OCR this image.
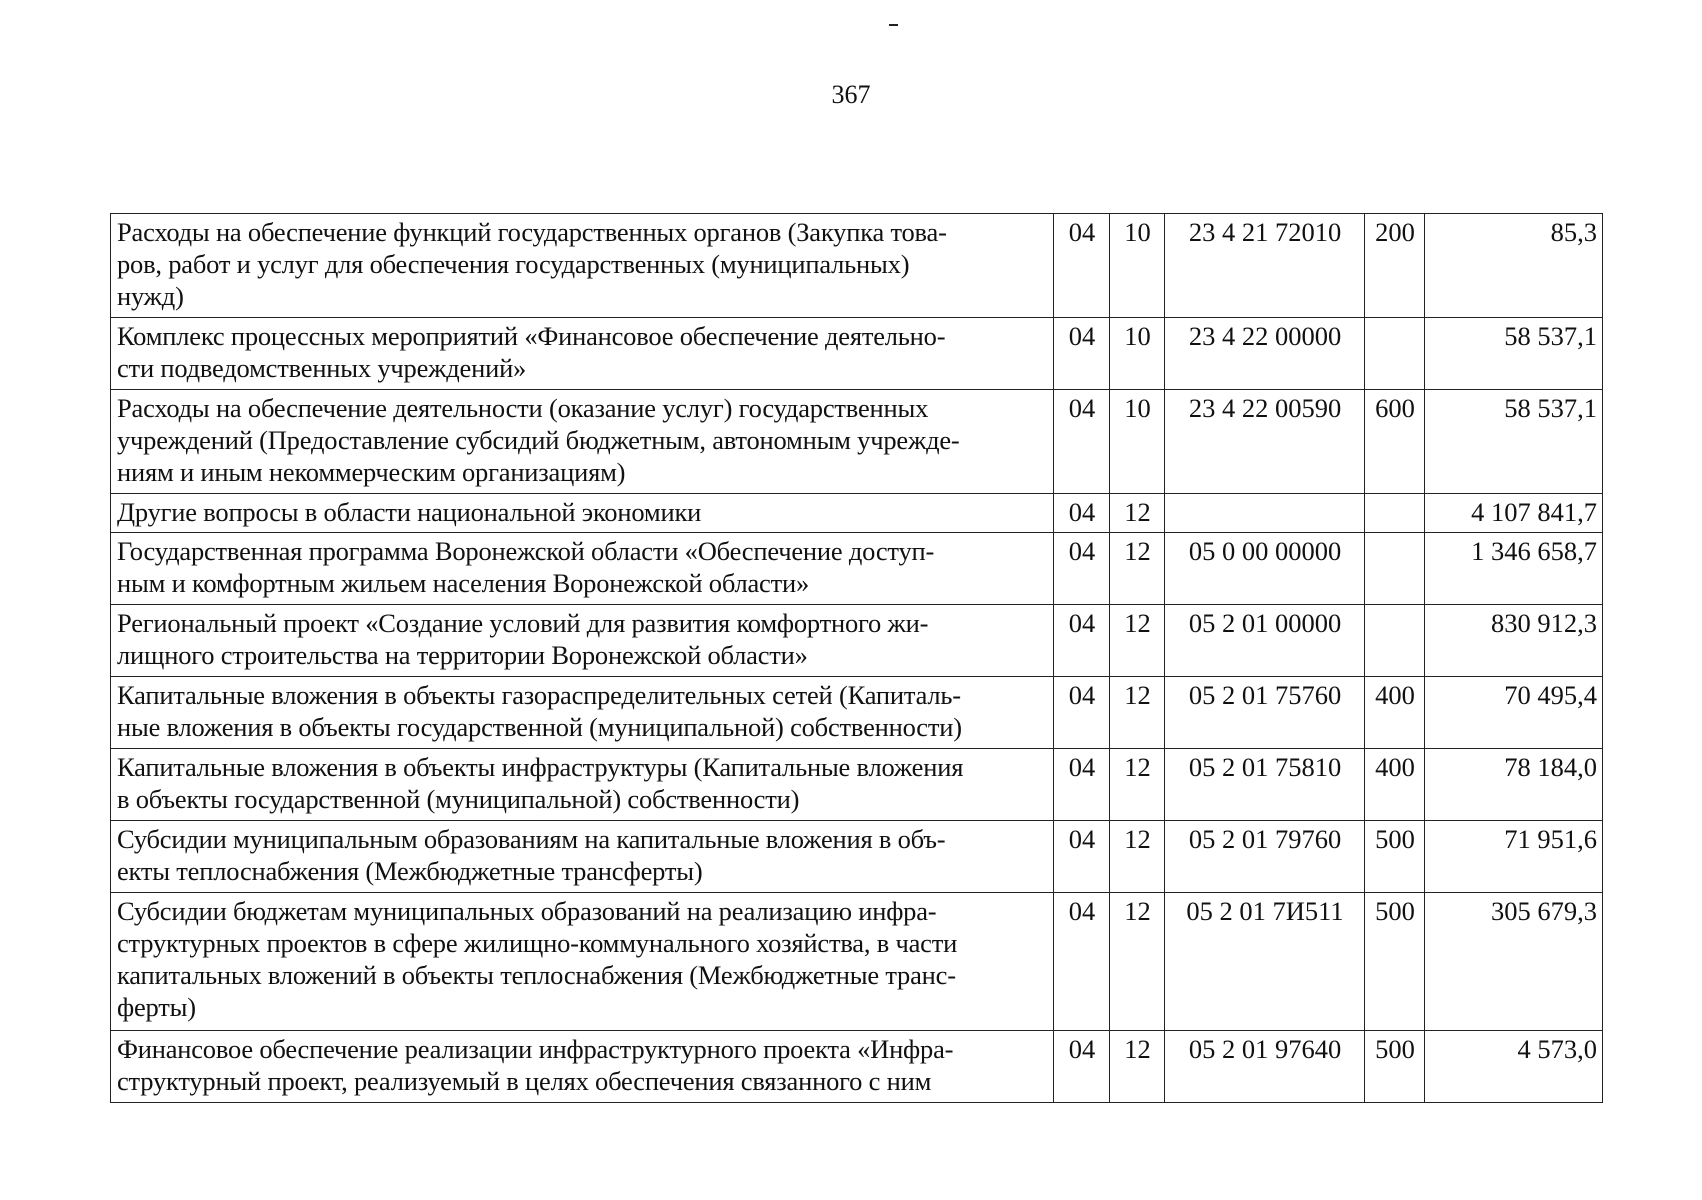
367
Расходы на обеспечение функций государственных органов (Закупка това-
ров, работ и услуг для обеспечения государственных (муниципальных)
нужд)	04	10	23 4 21 72010	200	85,3
Комплекс процессных мероприятий «Финансовое обеспечение деятельно-
сти подведомственных учреждений»	04	10	23 4 22 00000		58 537,1
Расходы на обеспечение деятельности (оказание услуг) государственных
учреждений (Предоставление субсидий бюджетным, автономным учрежде-
ниям и иным некоммерческим организациям)	04	10	23 4 22 00590	600	58 537,1
Другие вопросы в области национальной экономики	04	12			4 107 841,7
Государственная программа Воронежской области «Обеспечение доступ-
ным и комфортным жильем населения Воронежской области»	04	12	05 0 00 00000		1 346 658,7
Региональный проект «Создание условий для развития комфортного жи-
лищного строительства на территории Воронежской области»	04	12	05 2 01 00000		830 912,3
Капитальные вложения в объекты газораспределительных сетей (Капиталь-
ные вложения в объекты государственной (муниципальной) собственности)	04	12	05 2 01 75760	400	70 495,4
Капитальные вложения в объекты инфраструктуры (Капитальные вложения
в объекты государственной (муниципальной) собственности)	04	12	05 2 01 75810	400	78 184,0
Субсидии муниципальным образованиям на капитальные вложения в объ-
екты теплоснабжения (Межбюджетные трансферты)	04	12	05 2 01 79760	500	71 951,6
Субсидии бюджетам муниципальных образований на реализацию инфра-
структурных проектов в сфере жилищно-коммунального хозяйства, в части
капитальных вложений в объекты теплоснабжения (Межбюджетные транс-
ферты)	04	12	05 2 01 7И511	500	305 679,3
Финансовое обеспечение реализации инфраструктурного проекта «Инфра-
структурный проект, реализуемый в целях обеспечения связанного с ним	04	12	05 2 01 97640	500	4 573,0
